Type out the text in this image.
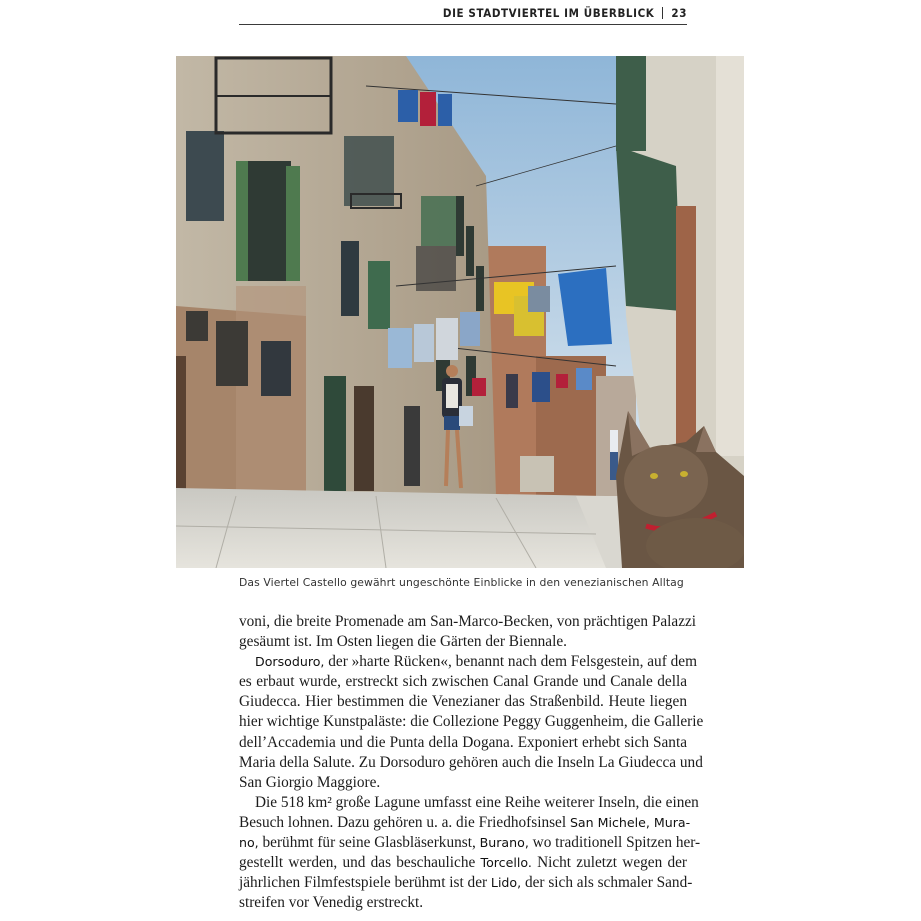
DIE STADTVIERTEL IM ÜBERBLICK 23
Das Viertel Castello gewährt ungeschönte Einblicke in den venezianischen Alltag

voni, die breite Promenade am San-Marco-Becken, von prächtigen Palazzi
gesäumt ist. Im Osten liegen die Gärten der Biennale.

Dorsoduro, der »harte Rücken«, benannt nach dem Felsgestein, auf dem
es erbaut wurde, erstreckt sich zwischen Canal Grande und Canale della
Giudecca. Hier bestimmen die Venezianer das Straßenbild. Heute liegen
hier wichtige Kunstpaläste: die Collezione Peggy Guggenheim, die Gallerie
dell’Accademia und die Punta della Dogana. Exponiert erhebt sich Santa
Maria della Salute. Zu Dorsoduro gehören auch die Inseln La Giudecca und
San Giorgio Maggiore.

Die 518 km² große Lagune umfasst eine Reihe weiterer Inseln, die einen
Besuch lohnen. Dazu gehören u. a. die Friedhofsinsel San Michele, Mura-
no, berühmt für seine Glasbläserkunst, Burano, wo traditionell Spitzen her-
gestellt werden, und das beschauliche Torcello. Nicht zuletzt wegen der
jährlichen Filmfestspiele berühmt ist der Lido, der sich als schmaler Sand-
streifen vor Venedig erstreckt.
